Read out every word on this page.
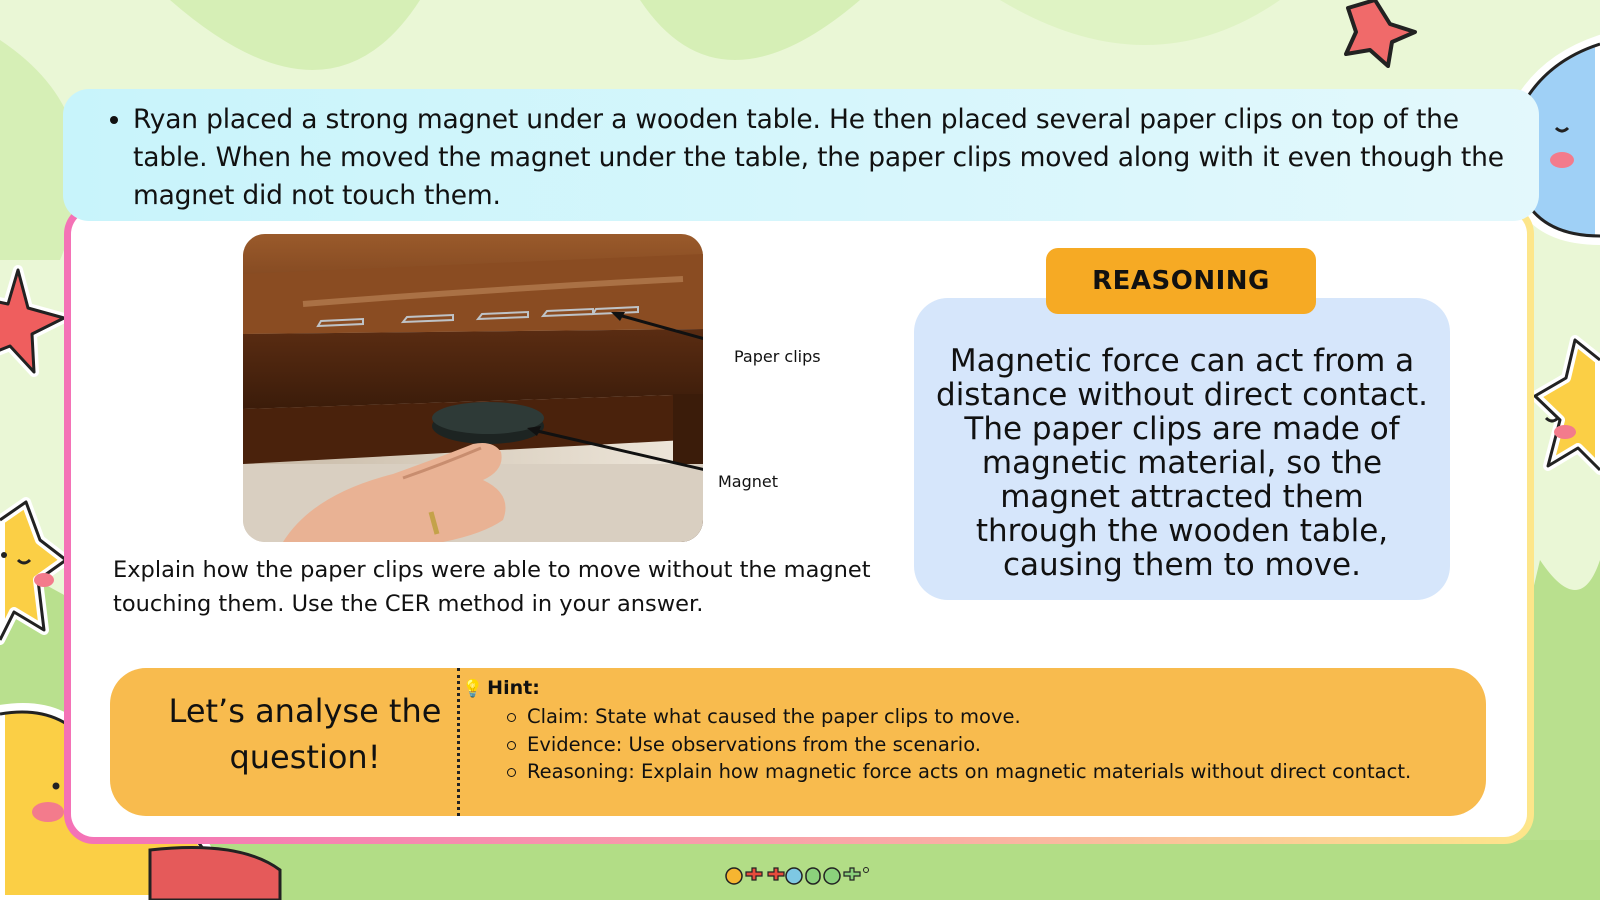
• Ryan placed a strong magnet under a wooden table. He then placed several paper clips on top of the table. When he moved the magnet under the table, the paper clips moved along with it even though the magnet did not touch them.
Paper clips
Magnet
Explain how the paper clips were able to move without the magnet touching them. Use the CER method in your answer.
Magnetic force can act from a distance without direct contact. The paper clips are made of magnetic material, so the magnet attracted them through the wooden table, causing them to move.
REASONING
Let’s analyse the question!
💡 Hint:
Claim: State what caused the paper clips to move.
Evidence: Use observations from the scenario.
Reasoning: Explain how magnetic force acts on magnetic materials without direct contact.
